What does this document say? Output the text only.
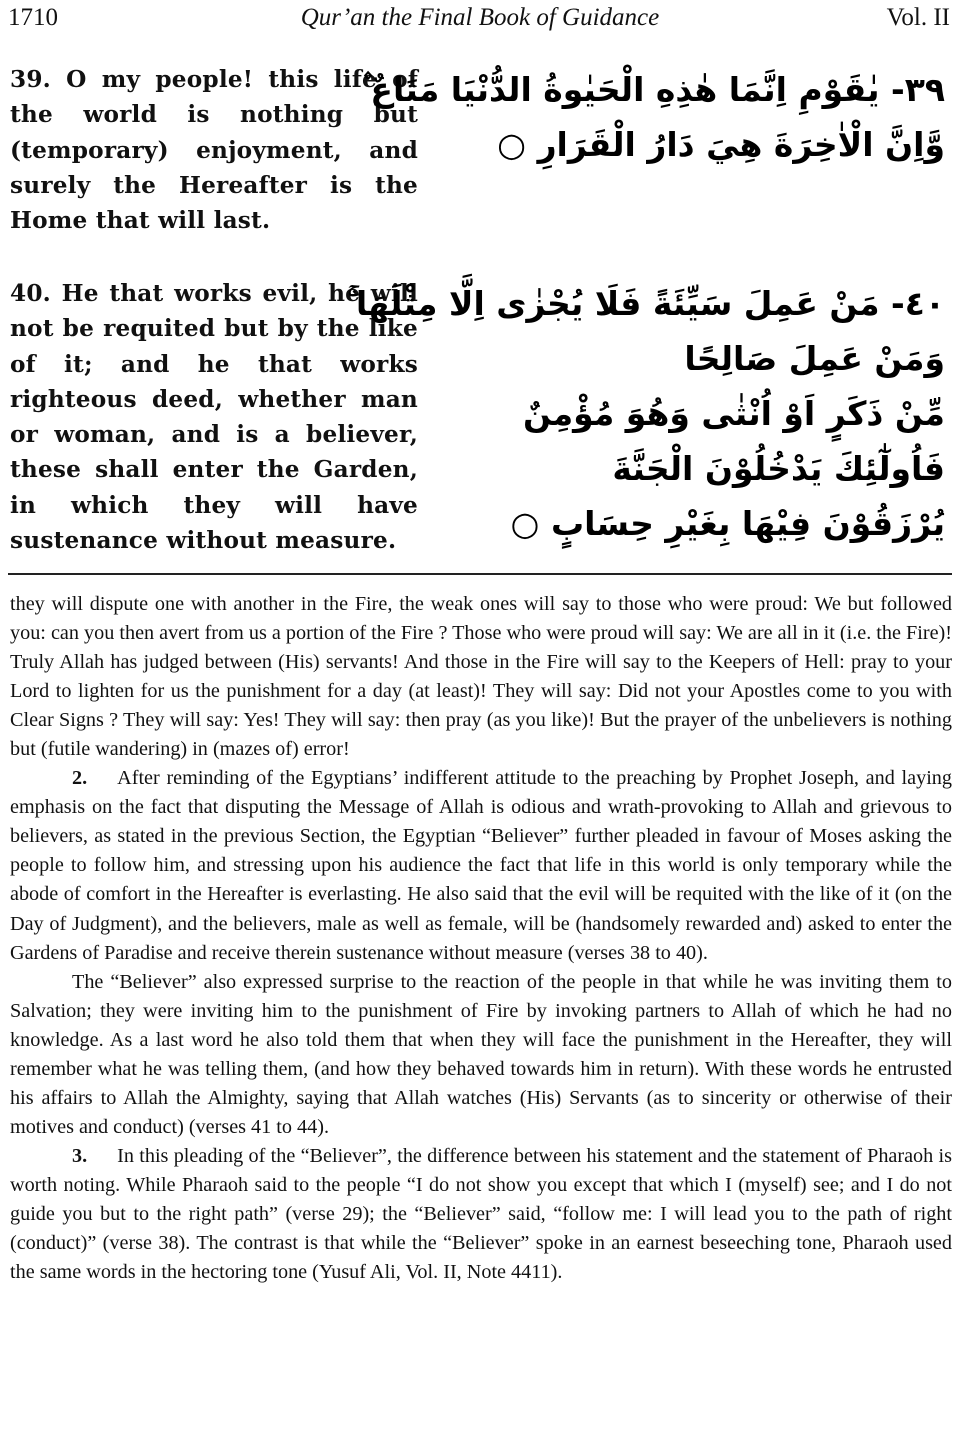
Qur’an the Final Book of Guidance
1710	Vol. II
39. O my people! this life of the world is nothing but (temporary) enjoyment, and surely the Hereafter is the Home that will last.
٣٩- يٰقَوْمِ اِنَّمَا هٰذِهِ الْحَيٰوةُ الدُّنْيَا مَتَاعٌ ۫
وَّاِنَّ الْاٰخِرَةَ هِيَ دَارُ الْقَرَارِ ○
40. He that works evil, he will not be requited but by the like of it; and he that works righteous deed, whether man or woman, and is a believer, these shall enter the Garden, in which they will have sustenance without measure.
٤٠- مَنْ عَمِلَ سَيِّئَةً فَلَا يُجْزٰى اِلَّا مِثْلَهَا ۚ
وَمَنْ عَمِلَ صَالِحًا
مِّنْ ذَكَرٍ اَوْ اُنْثٰى وَهُوَ مُؤْمِنٌ
فَاُولٰٓئِكَ يَدْخُلُوْنَ الْجَنَّةَ
يُرْزَقُوْنَ فِيْهَا بِغَيْرِ حِسَابٍ ○

they will dispute one with another in the Fire, the weak ones will say to those who were proud: We but followed you: can you then avert from us a portion of the Fire ? Those who were proud will say: We are all in it (i.e. the Fire)! Truly Allah has judged between (His) servants! And those in the Fire will say to the Keepers of Hell: pray to your Lord to lighten for us the punishment for a day (at least)! They will say: Did not your Apostles come to you with Clear Signs ? They will say: Yes! They will say: then pray (as you like)! But the prayer of the unbelievers is nothing but (futile wandering) in (mazes of) error!

2. After reminding of the Egyptians’ indifferent attitude to the preaching by Prophet Joseph, and laying emphasis on the fact that disputing the Message of Allah is odious and wrath-provoking to Allah and grievous to believers, as stated in the previous Section, the Egyptian “Believer” further pleaded in favour of Moses asking the people to follow him, and stressing upon his audience the fact that life in this world is only temporary while the abode of comfort in the Hereafter is everlasting. He also said that the evil will be requited with the like of it (on the Day of Judgment), and the believers, male as well as female, will be (handsomely rewarded and) asked to enter the Gardens of Paradise and receive therein sustenance without measure (verses 38 to 40).

The “Believer” also expressed surprise to the reaction of the people in that while he was inviting them to Salvation; they were inviting him to the punishment of Fire by invoking partners to Allah of which he had no knowledge. As a last word he also told them that when they will face the punishment in the Hereafter, they will remember what he was telling them, (and how they behaved towards him in return). With these words he entrusted his affairs to Allah the Almighty, saying that Allah watches (His) Servants (as to sincerity or otherwise of their motives and conduct) (verses 41 to 44).

3. In this pleading of the “Believer”, the difference between his statement and the statement of Pharaoh is worth noting. While Pharaoh said to the people “I do not show you except that which I (myself) see; and I do not guide you but to the right path” (verse 29); the “Believer” said, “follow me: I will lead you to the path of right (conduct)” (verse 38). The contrast is that while the “Believer” spoke in an earnest beseeching tone, Pharaoh used the same words in the hectoring tone (Yusuf Ali, Vol. II, Note 4411).
